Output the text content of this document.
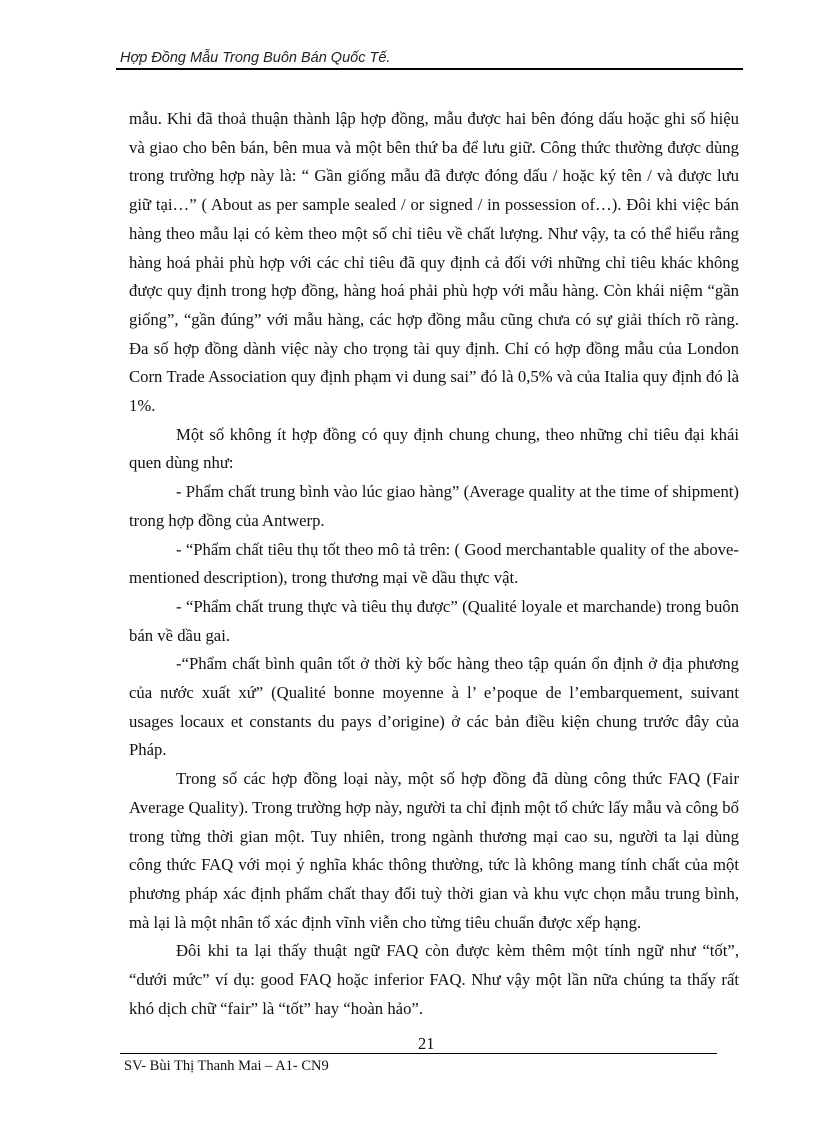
Hợp Đồng Mẫu Trong Buôn Bán Quốc Tế.

mẫu. Khi đã thoả thuận thành lập hợp đồng, mẫu được hai bên đóng dấu hoặc ghi số hiệu và giao cho bên bán, bên mua và một bên thứ ba để lưu giữ. Công thức thường được dùng trong trường hợp này là: “ Gần giống mẫu đã được đóng dấu / hoặc ký tên / và được lưu giữ tại…” ( About as per sample sealed / or signed / in possession of…). Đôi khi việc bán hàng theo mẫu lại có kèm theo một số chỉ tiêu về chất lượng. Như vậy, ta có thể hiểu rằng hàng hoá phải phù hợp với các chỉ tiêu đã quy định cả đối với những chỉ tiêu khác không được quy định trong hợp đồng, hàng hoá phải phù hợp với mẫu hàng. Còn khái niệm “gần giống”, “gần đúng” với mẫu hàng, các hợp đồng mẫu cũng chưa có sự giải thích rõ ràng. Đa số hợp đồng dành việc này cho trọng tài quy định. Chỉ có hợp đồng mẫu của London Corn Trade Association quy định phạm vi dung sai” đó là 0,5% và của Italia quy định đó là 1%.

Một số không ít hợp đồng có quy định chung chung, theo những chỉ tiêu đại khái quen dùng như:

- Phẩm chất trung bình vào lúc giao hàng” (Average quality at the time of shipment) trong hợp đồng của Antwerp.

- “Phẩm chất tiêu thụ tốt theo mô tả trên: ( Good merchantable quality of the above-mentioned description), trong thương mại về dầu thực vật.

- “Phẩm chất trung thực và tiêu thụ được” (Qualité loyale et marchande) trong buôn bán về dầu gai.

-“Phẩm chất bình quân tốt ở thời kỳ bốc hàng theo tập quán ổn định ở địa phương của nước xuất xứ” (Qualité bonne moyenne à l’ e’poque de l’embarquement, suivant usages locaux et constants du pays d’origine) ở các bản điều kiện chung trước đây của Pháp.

Trong số các hợp đồng loại này, một số hợp đồng đã dùng công thức FAQ (Fair Average Quality). Trong trường hợp này, người ta chỉ định một tổ chức lấy mẫu và công bố trong từng thời gian một. Tuy nhiên, trong ngành thương mại cao su, người ta lại dùng công thức FAQ với mọi ý nghĩa khác thông thường, tức là không mang tính chất của một phương pháp xác định phẩm chất thay đổi tuỳ thời gian và khu vực chọn mẫu trung bình, mà lại là một nhân tố xác định vĩnh viễn cho từng tiêu chuẩn được xếp hạng.

Đôi khi ta lại thấy thuật ngữ FAQ còn được kèm thêm một tính ngữ như “tốt”, “dưới mức” ví dụ: good FAQ hoặc inferior FAQ. Như vậy một lần nữa chúng ta thấy rất khó dịch chữ “fair” là “tốt” hay “hoàn hảo”.

21
SV- Bùi Thị Thanh Mai – A1- CN9
